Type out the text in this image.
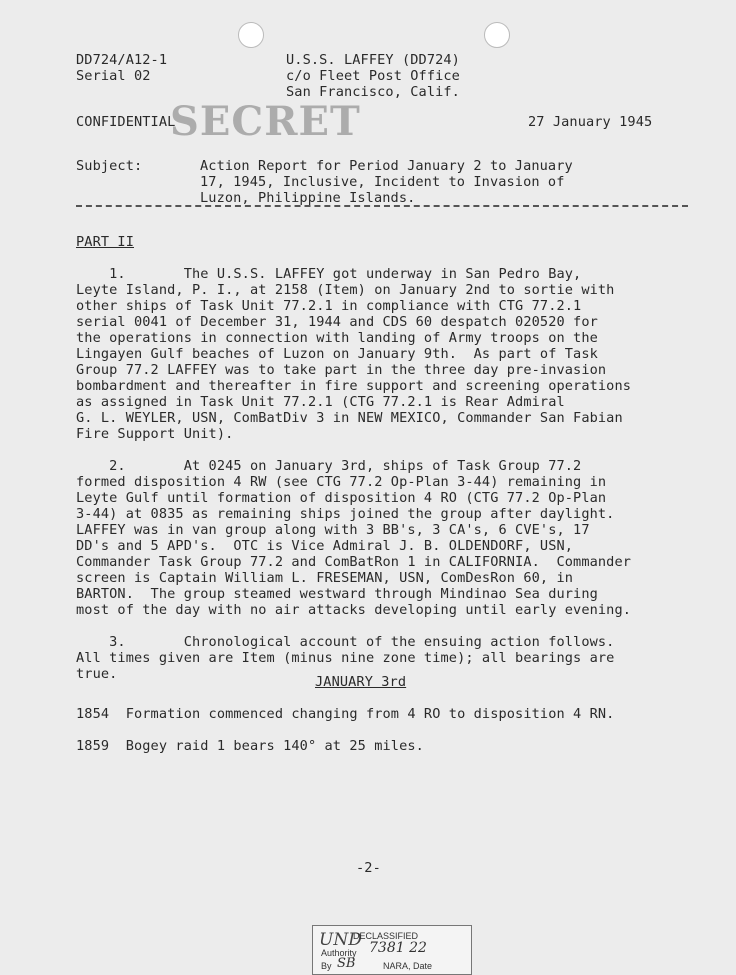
DD724/A12-1
Serial 02
U.S.S. LAFFEY (DD724)
c/o Fleet Post Office
San Francisco, Calif.
CONFIDENTIAL
SECRET	27 January 1945
Subject:	Action Report for Period January 2 to January
17, 1945, Inclusive, Incident to Invasion of
Luzon, Philippine Islands.
PART II
1.       The U.S.S. LAFFEY got underway in San Pedro Bay,
Leyte Island, P. I., at 2158 (Item) on January 2nd to sortie with
other ships of Task Unit 77.2.1 in compliance with CTG 77.2.1
serial 0041 of December 31, 1944 and CDS 60 despatch 020520 for
the operations in connection with landing of Army troops on the
Lingayen Gulf beaches of Luzon on January 9th.  As part of Task
Group 77.2 LAFFEY was to take part in the three day pre-invasion
bombardment and thereafter in fire support and screening operations
as assigned in Task Unit 77.2.1 (CTG 77.2.1 is Rear Admiral
G. L. WEYLER, USN, ComBatDiv 3 in NEW MEXICO, Commander San Fabian
Fire Support Unit).
2.       At 0245 on January 3rd, ships of Task Group 77.2
formed disposition 4 RW (see CTG 77.2 Op-Plan 3-44) remaining in
Leyte Gulf until formation of disposition 4 RO (CTG 77.2 Op-Plan
3-44) at 0835 as remaining ships joined the group after daylight.
LAFFEY was in van group along with 3 BB's, 3 CA's, 6 CVE's, 17
DD's and 5 APD's.  OTC is Vice Admiral J. B. OLDENDORF, USN,
Commander Task Group 77.2 and ComBatRon 1 in CALIFORNIA.  Commander
screen is Captain William L. FRESEMAN, USN, ComDesRon 60, in
BARTON.  The group steamed westward through Mindinao Sea during
most of the day with no air attacks developing until early evening.
3.       Chronological account of the ensuing action follows.
All times given are Item (minus nine zone time); all bearings are
true.	JANUARY 3rd
1854  Formation commenced changing from 4 RO to disposition 4 RN.
1859  Bogey raid 1 bears 140° at 25 miles.
-2-
UND
DECLASSIFIED
Authority 7381 22
By SB	NARA, Date
